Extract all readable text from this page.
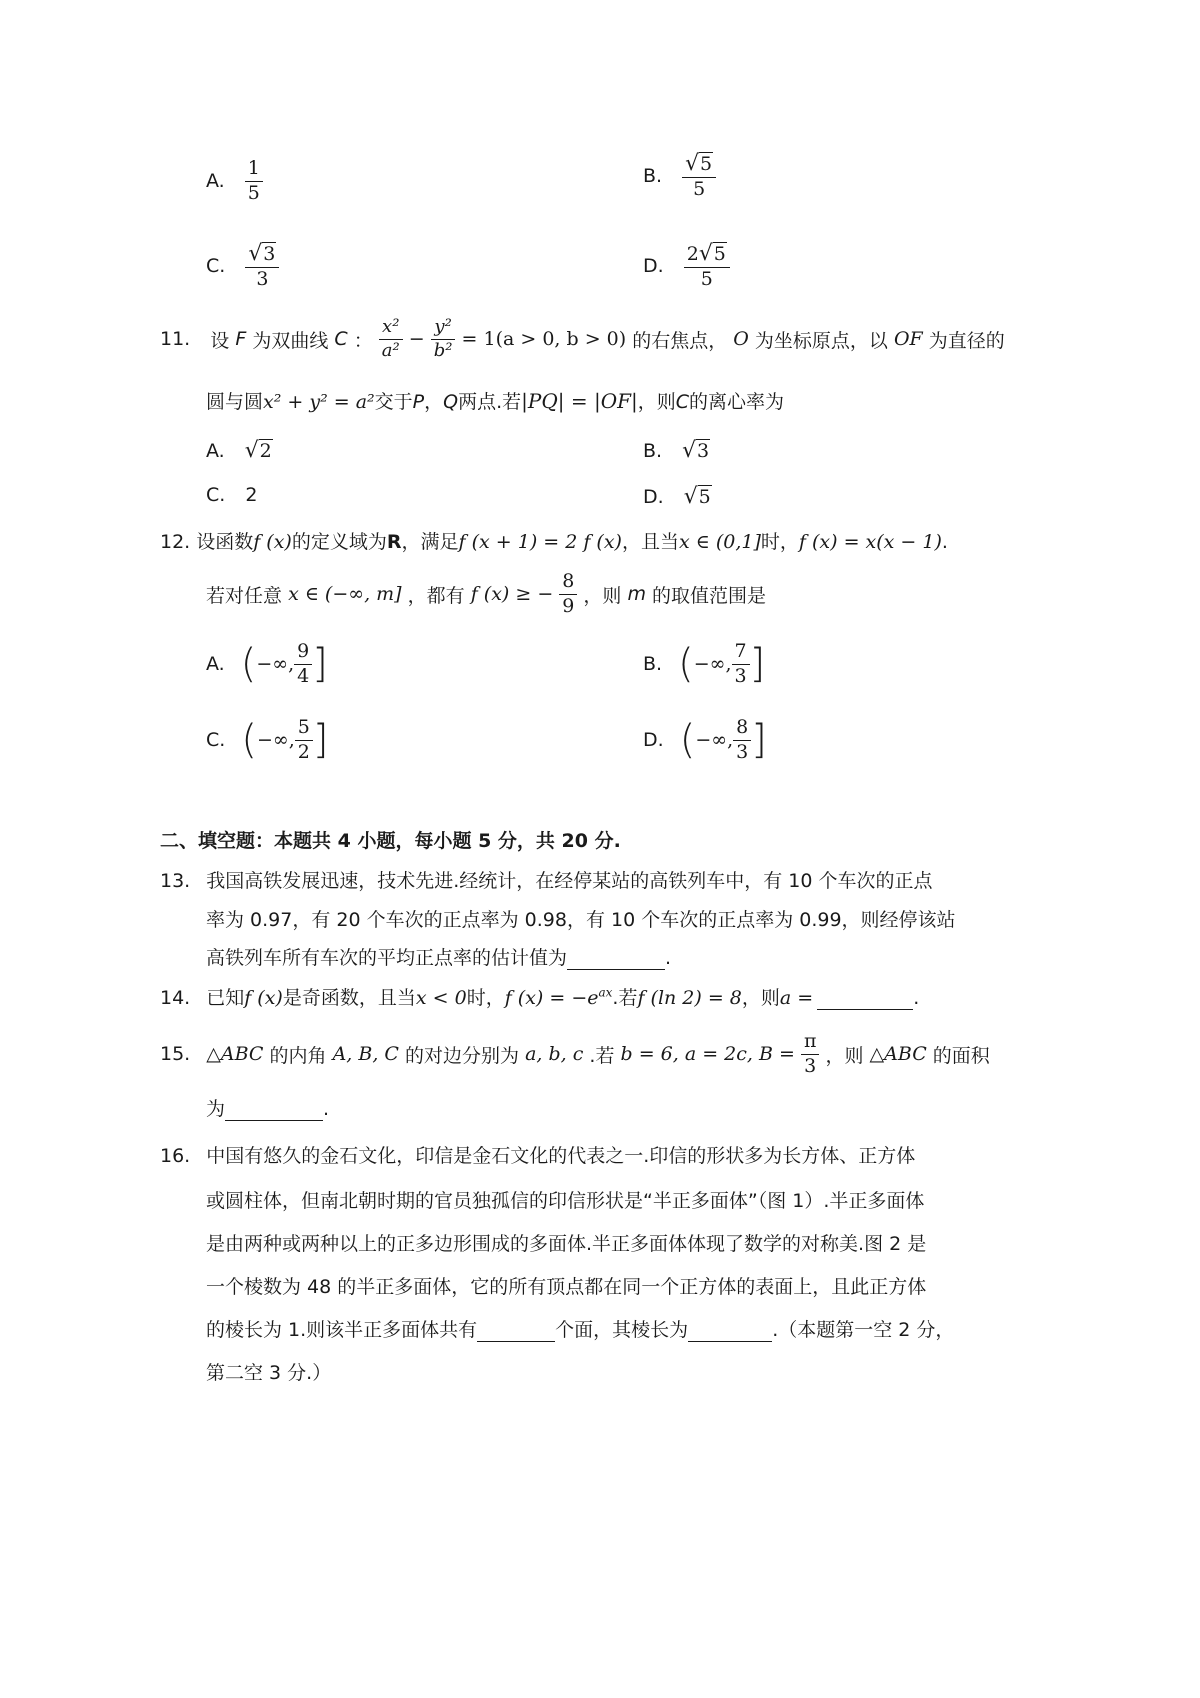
A. $\frac{1}{5}$	B. $\frac{√5}{5}$
C. $\frac{√3}{3}$	D. $\frac{2√5}{5}$
11. 设 F 为双曲线 C ： $\frac{\text{x²}}{\text{a²}} - \frac{\text{y²}}{\text{b²}} = 1(a > 0$, b > 0) 的右焦点， O 为坐标原点，以 OF 为直径的
圆与圆x² + y² = a²交于P，Q两点.若|PQ| = |OF|，则C的离心率为
A. √2	B. √3
C. 2	D. √5
12. 设函数f (x)的定义域为R，满足f (x + 1) = 2 f (x)，且当x ∈ (0,1]时，f (x) = x(x − 1).
若对任意 x ∈ (−∞, m] ，都有 f (x) ≥ − $\frac{8}{9}$ ，则 m 的取值范围是
A. (−∞, $\frac{9}{4}$ ]	B. (−∞, $\frac{7}{3}$ ]
C. (−∞, $\frac{5}{2}$ ]	D. (−∞, $\frac{8}{3}$ ]
二、填空题：本题共 4 小题，每小题 5 分，共 20 分.
13. 我国高铁发展迅速，技术先进.经统计，在经停某站的高铁列车中，有 10 个车次的正点
率为 0.97，有 20 个车次的正点率为 0.98，有 10 个车次的正点率为 0.99，则经停该站
高铁列车所有车次的平均正点率的估计值为	.
14. 已知f (x)是奇函数，且当x < 0时，f $(x) = -e^{ax}$.若f (ln 2) = 8，则a =	.
15. △ABC 的内角 A, B, C 的对边分别为 a, b, c .若 b = 6, a = 2c, $B = \frac{\pi}{3}$ ，则 △ABC 的面积
为	.
16. 中国有悠久的金石文化，印信是金石文化的代表之一.印信的形状多为长方体、正方体
或圆柱体，但南北朝时期的官员独孤信的印信形状是“半正多面体”（图 1）.半正多面体
是由两种或两种以上的正多边形围成的多面体.半正多面体体现了数学的对称美.图 2 是
一个棱数为 48 的半正多面体，它的所有顶点都在同一个正方体的表面上，且此正方体
的棱长为 1.则该半正多面体共有	个面，其棱长为	.（本题第一空 2 分，
第二空 3 分.）
